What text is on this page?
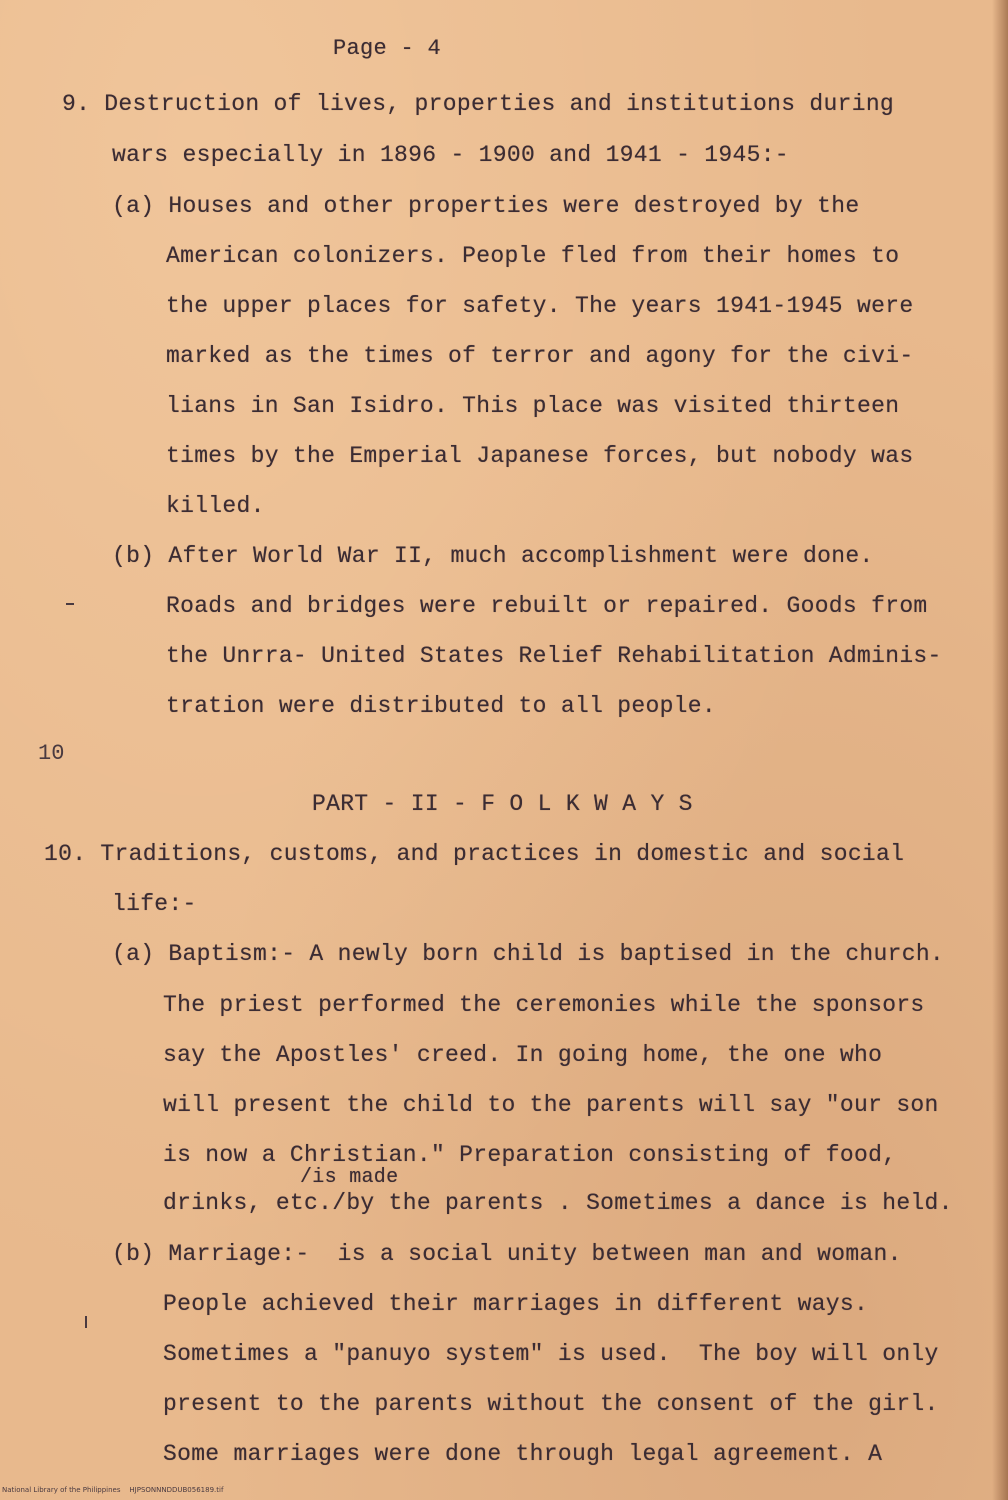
Page - 4
9. Destruction of lives, properties and institutions during
wars especially in 1896 - 1900 and 1941 - 1945:-
(a) Houses and other properties were destroyed by the
American colonizers. People fled from their homes to
the upper places for safety. The years 1941-1945 were
marked as the times of terror and agony for the civi-
lians in San Isidro. This place was visited thirteen
times by the Emperial Japanese forces, but nobody was
killed.
(b) After World War II, much accomplishment were done.
Roads and bridges were rebuilt or repaired. Goods from
the Unrra- United States Relief Rehabilitation Adminis-
tration were distributed to all people.
10
PART - II - F O L K W A Y S
10. Traditions, customs, and practices in domestic and social
life:-
(a) Baptism:- A newly born child is baptised in the church.
The priest performed the ceremonies while the sponsors
say the Apostles' creed. In going home, the one who
will present the child to the parents will say "our son
is now a Christian." Preparation consisting of food,
/is made
drinks, etc./by the parents . Sometimes a dance is held.
(b) Marriage:-  is a social unity between man and woman.
People achieved their marriages in different ways.
Sometimes a "panuyo system" is used.  The boy will only
present to the parents without the consent of the girl.
Some marriages were done through legal agreement. A
National Library of the Philippines    HJPSONNNDDUB056189.tif
